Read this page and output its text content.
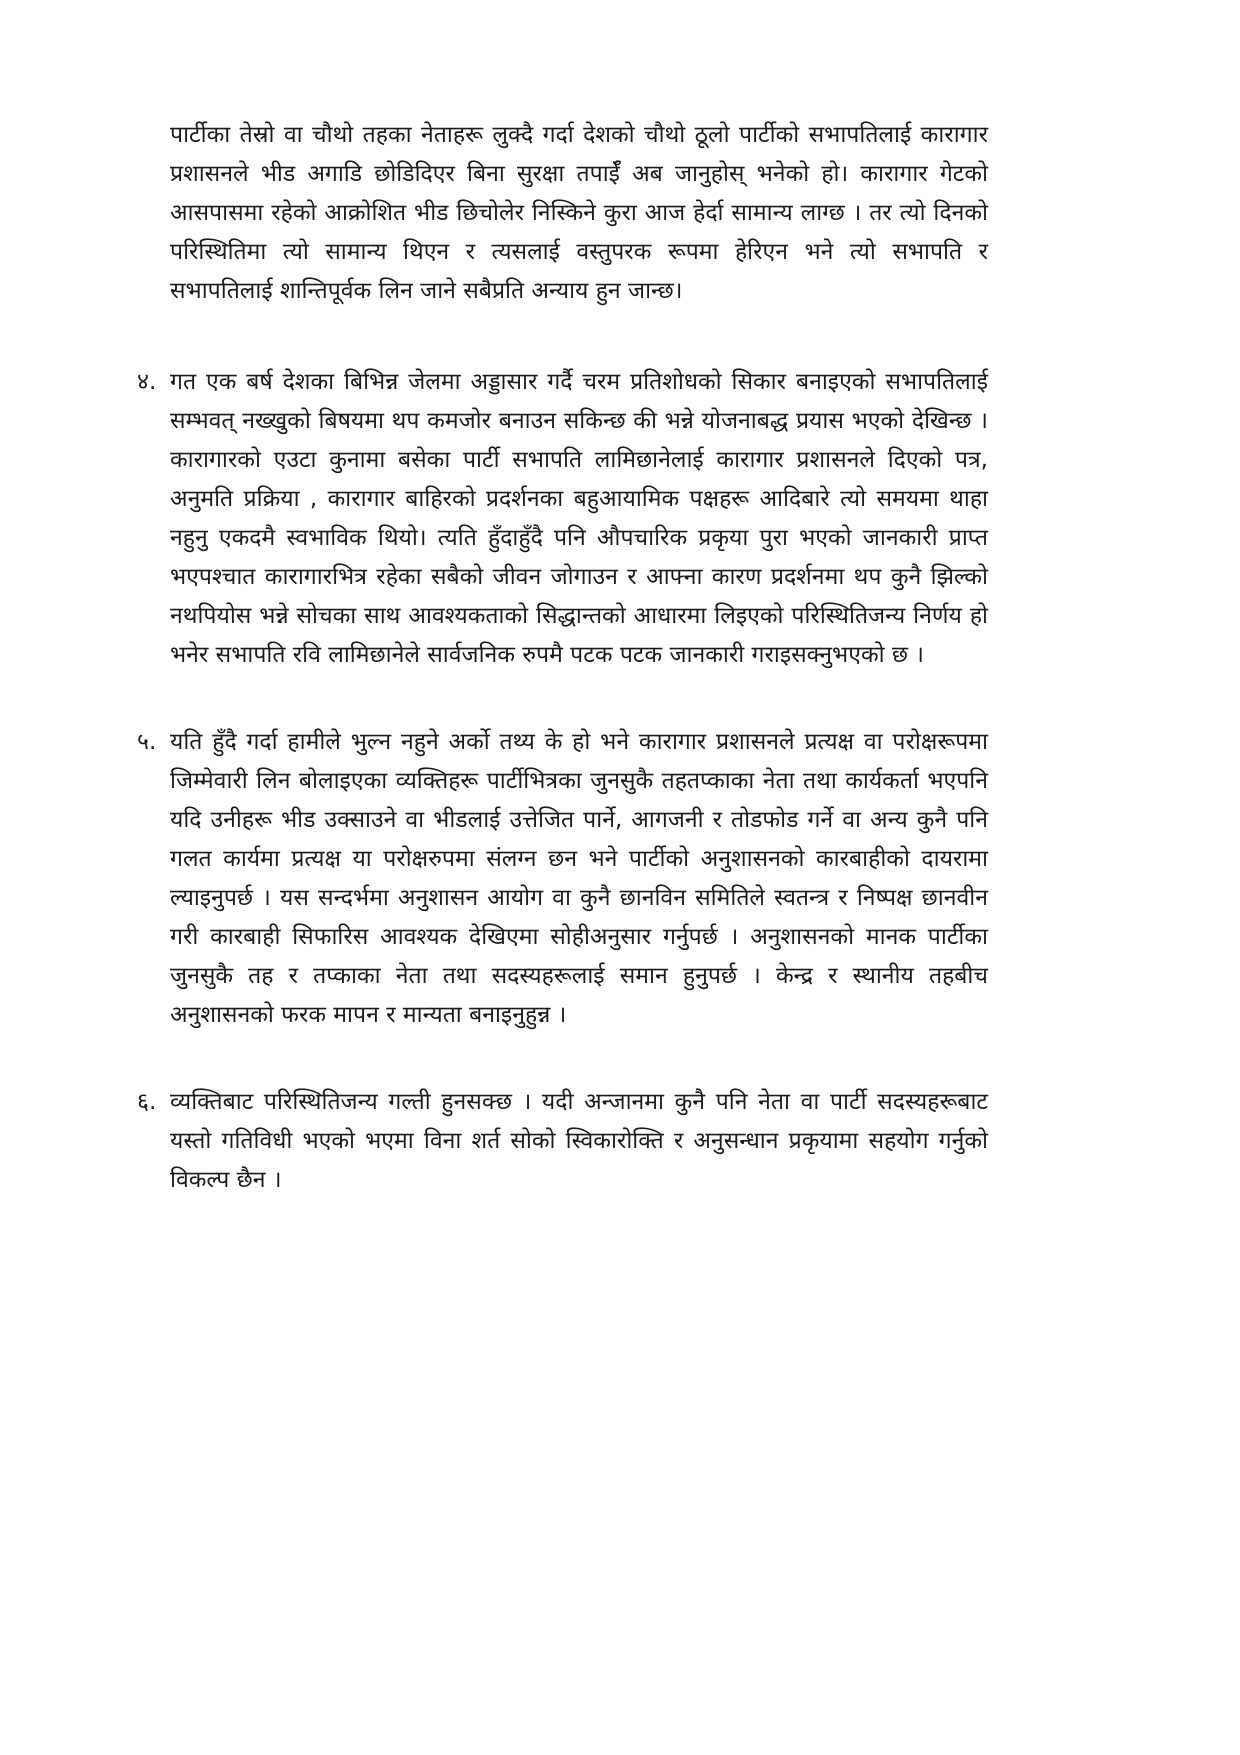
पार्टीका तेस्रो वा चौथो तहका नेताहरू लुक्दै गर्दा देशको चौथो ठूलो पार्टीको सभापतिलाई कारागार प्रशासनले भीड अगाडि छोडिदिएर बिना सुरक्षा तपाईँ अब जानुहोस् भनेको हो। कारागार गेटको आसपासमा रहेको आक्रोशित भीड छिचोलेर निस्किने कुरा आज हेर्दा सामान्य लाग्छ । तर त्यो दिनको परिस्थितिमा त्यो सामान्य थिएन र त्यसलाई वस्तुपरक रूपमा हेरिएन भने त्यो सभापति र सभापतिलाई शान्तिपूर्वक लिन जाने सबैप्रति अन्याय हुन जान्छ।

४. गत एक बर्ष देशका बिभिन्न जेलमा अड्डासार गर्दै चरम प्रतिशोधको सिकार बनाइएको सभापतिलाई सम्भवत् नख्खुको बिषयमा थप कमजोर बनाउन सकिन्छ की भन्ने योजनाबद्ध प्रयास भएको देखिन्छ । कारागारको एउटा कुनामा बसेका पार्टी सभापति लामिछानेलाई कारागार प्रशासनले दिएको पत्र, अनुमति प्रक्रिया , कारागार बाहिरको प्रदर्शनका बहुआयामिक पक्षहरू आदिबारे त्यो समयमा थाहा नहुनु एकदमै स्वभाविक थियो। त्यति हुँदाहुँदै पनि औपचारिक प्रकृया पुरा भएको जानकारी प्राप्त भएपश्चात कारागारभित्र रहेका सबैको जीवन जोगाउन र आफ्ना कारण प्रदर्शनमा थप कुनै झिल्को नथपियोस भन्ने सोचका साथ आवश्यकताको सिद्धान्तको आधारमा लिइएको परिस्थितिजन्य निर्णय हो भनेर सभापति रवि लामिछानेले सार्वजनिक रुपमै पटक पटक जानकारी गराइसक्नुभएको छ ।
५. यति हुँदै गर्दा हामीले भुल्न नहुने अर्को तथ्य के हो भने कारागार प्रशासनले प्रत्यक्ष वा परोक्षरूपमा जिम्मेवारी लिन बोलाइएका व्यक्तिहरू पार्टीभित्रका जुनसुकै तहतप्काका नेता तथा कार्यकर्ता भएपनि यदि उनीहरू भीड उक्साउने वा भीडलाई उत्तेजित पार्ने, आगजनी र तोडफोड गर्ने वा अन्य कुनै पनि गलत कार्यमा प्रत्यक्ष या परोक्षरुपमा संलग्न छन भने पार्टीको अनुशासनको कारबाहीको दायरामा ल्याइनुपर्छ । यस सन्दर्भमा अनुशासन आयोग वा कुनै छानविन समितिले स्वतन्त्र र निष्पक्ष छानवीन गरी कारबाही सिफारिस आवश्यक देखिएमा सोहीअनुसार गर्नुपर्छ । अनुशासनको मानक पार्टीका जुनसुकै तह र तप्काका नेता तथा सदस्यहरूलाई समान हुनुपर्छ । केन्द्र र स्थानीय तहबीच अनुशासनको फरक मापन र मान्यता बनाइनुहुन्न ।
६. व्यक्तिबाट परिस्थितिजन्य गल्ती हुनसक्छ । यदी अन्जानमा कुनै पनि नेता वा पार्टी सदस्यहरूबाट यस्तो गतिविधी भएको भएमा विना शर्त सोको स्विकारोक्ति र अनुसन्धान प्रकृयामा सहयोग गर्नुको विकल्प छैन ।
